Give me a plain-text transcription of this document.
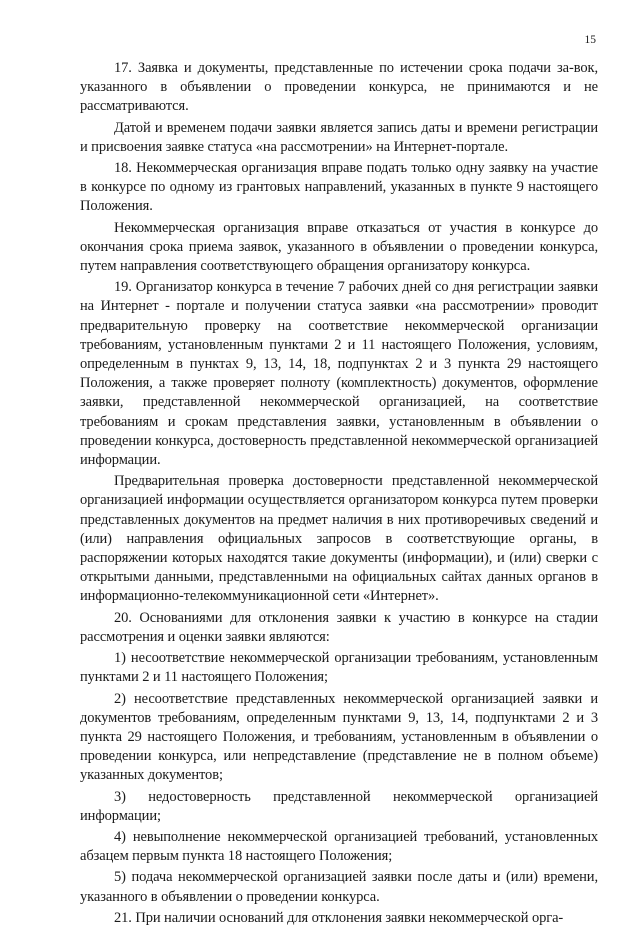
15

17. Заявка и документы, представленные по истечении срока подачи за-вок, указанного в объявлении о проведении конкурса, не принимаются и не рассматриваются.

Датой и временем подачи заявки является запись даты и времени регистрации и присвоения заявке статуса «на рассмотрении» на Интернет-портале.

18. Некоммерческая организация вправе подать только одну заявку на участие в конкурсе по одному из грантовых направлений, указанных в пункте 9 настоящего Положения.

Некоммерческая организация вправе отказаться от участия в конкурсе до окончания срока приема заявок, указанного в объявлении о проведении конкурса, путем направления соответствующего обращения организатору конкурса.

19. Организатор конкурса в течение 7 рабочих дней со дня регистрации заявки на Интернет - портале и получении статуса заявки «на рассмотрении» проводит предварительную проверку на соответствие некоммерческой организации требованиям, установленным пунктами 2 и 11 настоящего Положения, условиям, определенным в пунктах 9, 13, 14, 18, подпунктах 2 и 3 пункта 29 настоящего Положения, а также проверяет полноту (комплектность) документов, оформление заявки, представленной некоммерческой организацией, на соответствие требованиям и срокам представления заявки, установленным в объявлении о проведении конкурса, достоверность представленной некоммерческой организацией информации.

Предварительная проверка достоверности представленной некоммерческой организацией информации осуществляется организатором конкурса путем проверки представленных документов на предмет наличия в них противоречивых сведений и (или) направления официальных запросов в соответствующие органы, в распоряжении которых находятся такие документы (информации), и (или) сверки с открытыми данными, представленными на официальных сайтах данных органов в информационно-телекоммуникационной сети «Интернет».

20. Основаниями для отклонения заявки к участию в конкурсе на стадии рассмотрения и оценки заявки являются:

1) несоответствие некоммерческой организации требованиям, установленным пунктами 2 и 11 настоящего Положения;

2) несоответствие представленных некоммерческой организацией заявки и документов требованиям, определенным пунктами 9, 13, 14, подпунктами 2 и 3 пункта 29 настоящего Положения, и требованиям, установленным в объявлении о проведении конкурса, или непредставление (представление не в полном объеме) указанных документов;

3) недостоверность представленной некоммерческой организацией информации;

4) невыполнение некоммерческой организацией требований, установленных абзацем первым пункта 18 настоящего Положения;

5) подача некоммерческой организацией заявки после даты и (или) времени, указанного в объявлении о проведении конкурса.

21. При наличии оснований для отклонения заявки некоммерческой орга-
